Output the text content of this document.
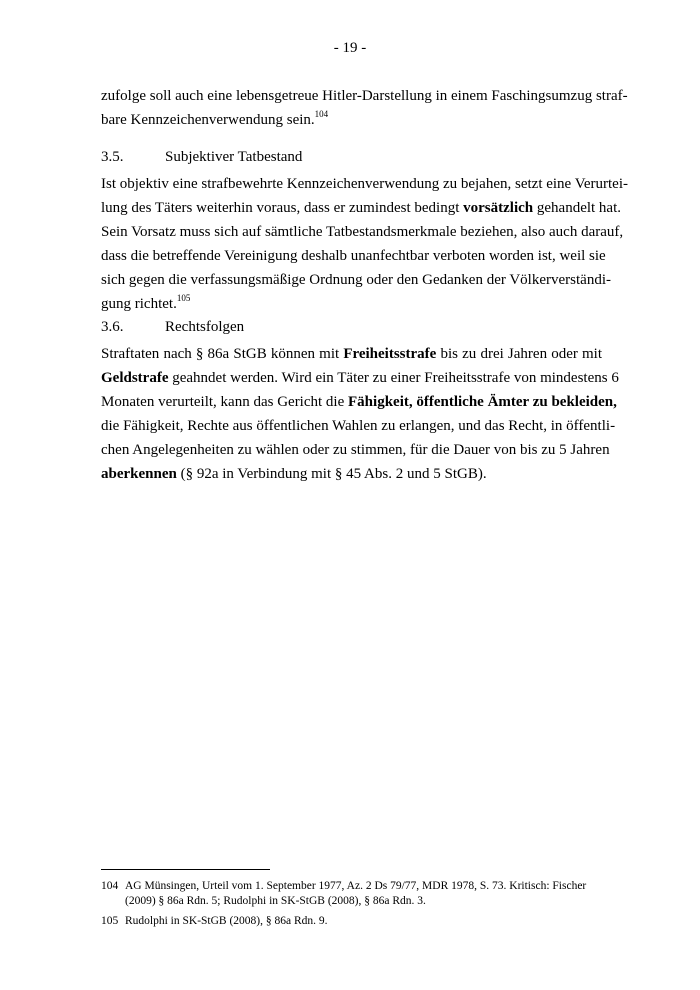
- 19 -
zufolge soll auch eine lebensgetreue Hitler-Darstellung in einem Faschingsumzug straf-
bare Kennzeichenverwendung sein.$^{104}$
3.5.	Subjektiver Tatbestand
Ist objektiv eine strafbewehrte Kennzeichenverwendung zu bejahen, setzt eine Verurtei-
lung des Täters weiterhin voraus, dass er zumindest bedingt vorsätzlich gehandelt hat.
Sein Vorsatz muss sich auf sämtliche Tatbestandsmerkmale beziehen, also auch darauf,
dass die betreffende Vereinigung deshalb unanfechtbar verboten worden ist, weil sie
sich gegen die verfassungsmäßige Ordnung oder den Gedanken der Völkerverständi-
gung richtet.$^{105}$
3.6.	Rechtsfolgen
Straftaten nach § 86a StGB können mit Freiheitsstrafe bis zu drei Jahren oder mit
Geldstrafe geahndet werden. Wird ein Täter zu einer Freiheitsstrafe von mindestens 6
Monaten verurteilt, kann das Gericht die Fähigkeit, öffentliche Ämter zu bekleiden,
die Fähigkeit, Rechte aus öffentlichen Wahlen zu erlangen, und das Recht, in öffentli-
chen Angelegenheiten zu wählen oder zu stimmen, für die Dauer von bis zu 5 Jahren
aberkennen (§ 92a in Verbindung mit § 45 Abs. 2 und 5 StGB).
104 AG Münsingen, Urteil vom 1. September 1977, Az. 2 Ds 79/77, MDR 1978, S. 73. Kritisch: Fischer
(2009) § 86a Rdn. 5; Rudolphi in SK-StGB (2008), § 86a Rdn. 3.
105 Rudolphi in SK-StGB (2008), § 86a Rdn. 9.
